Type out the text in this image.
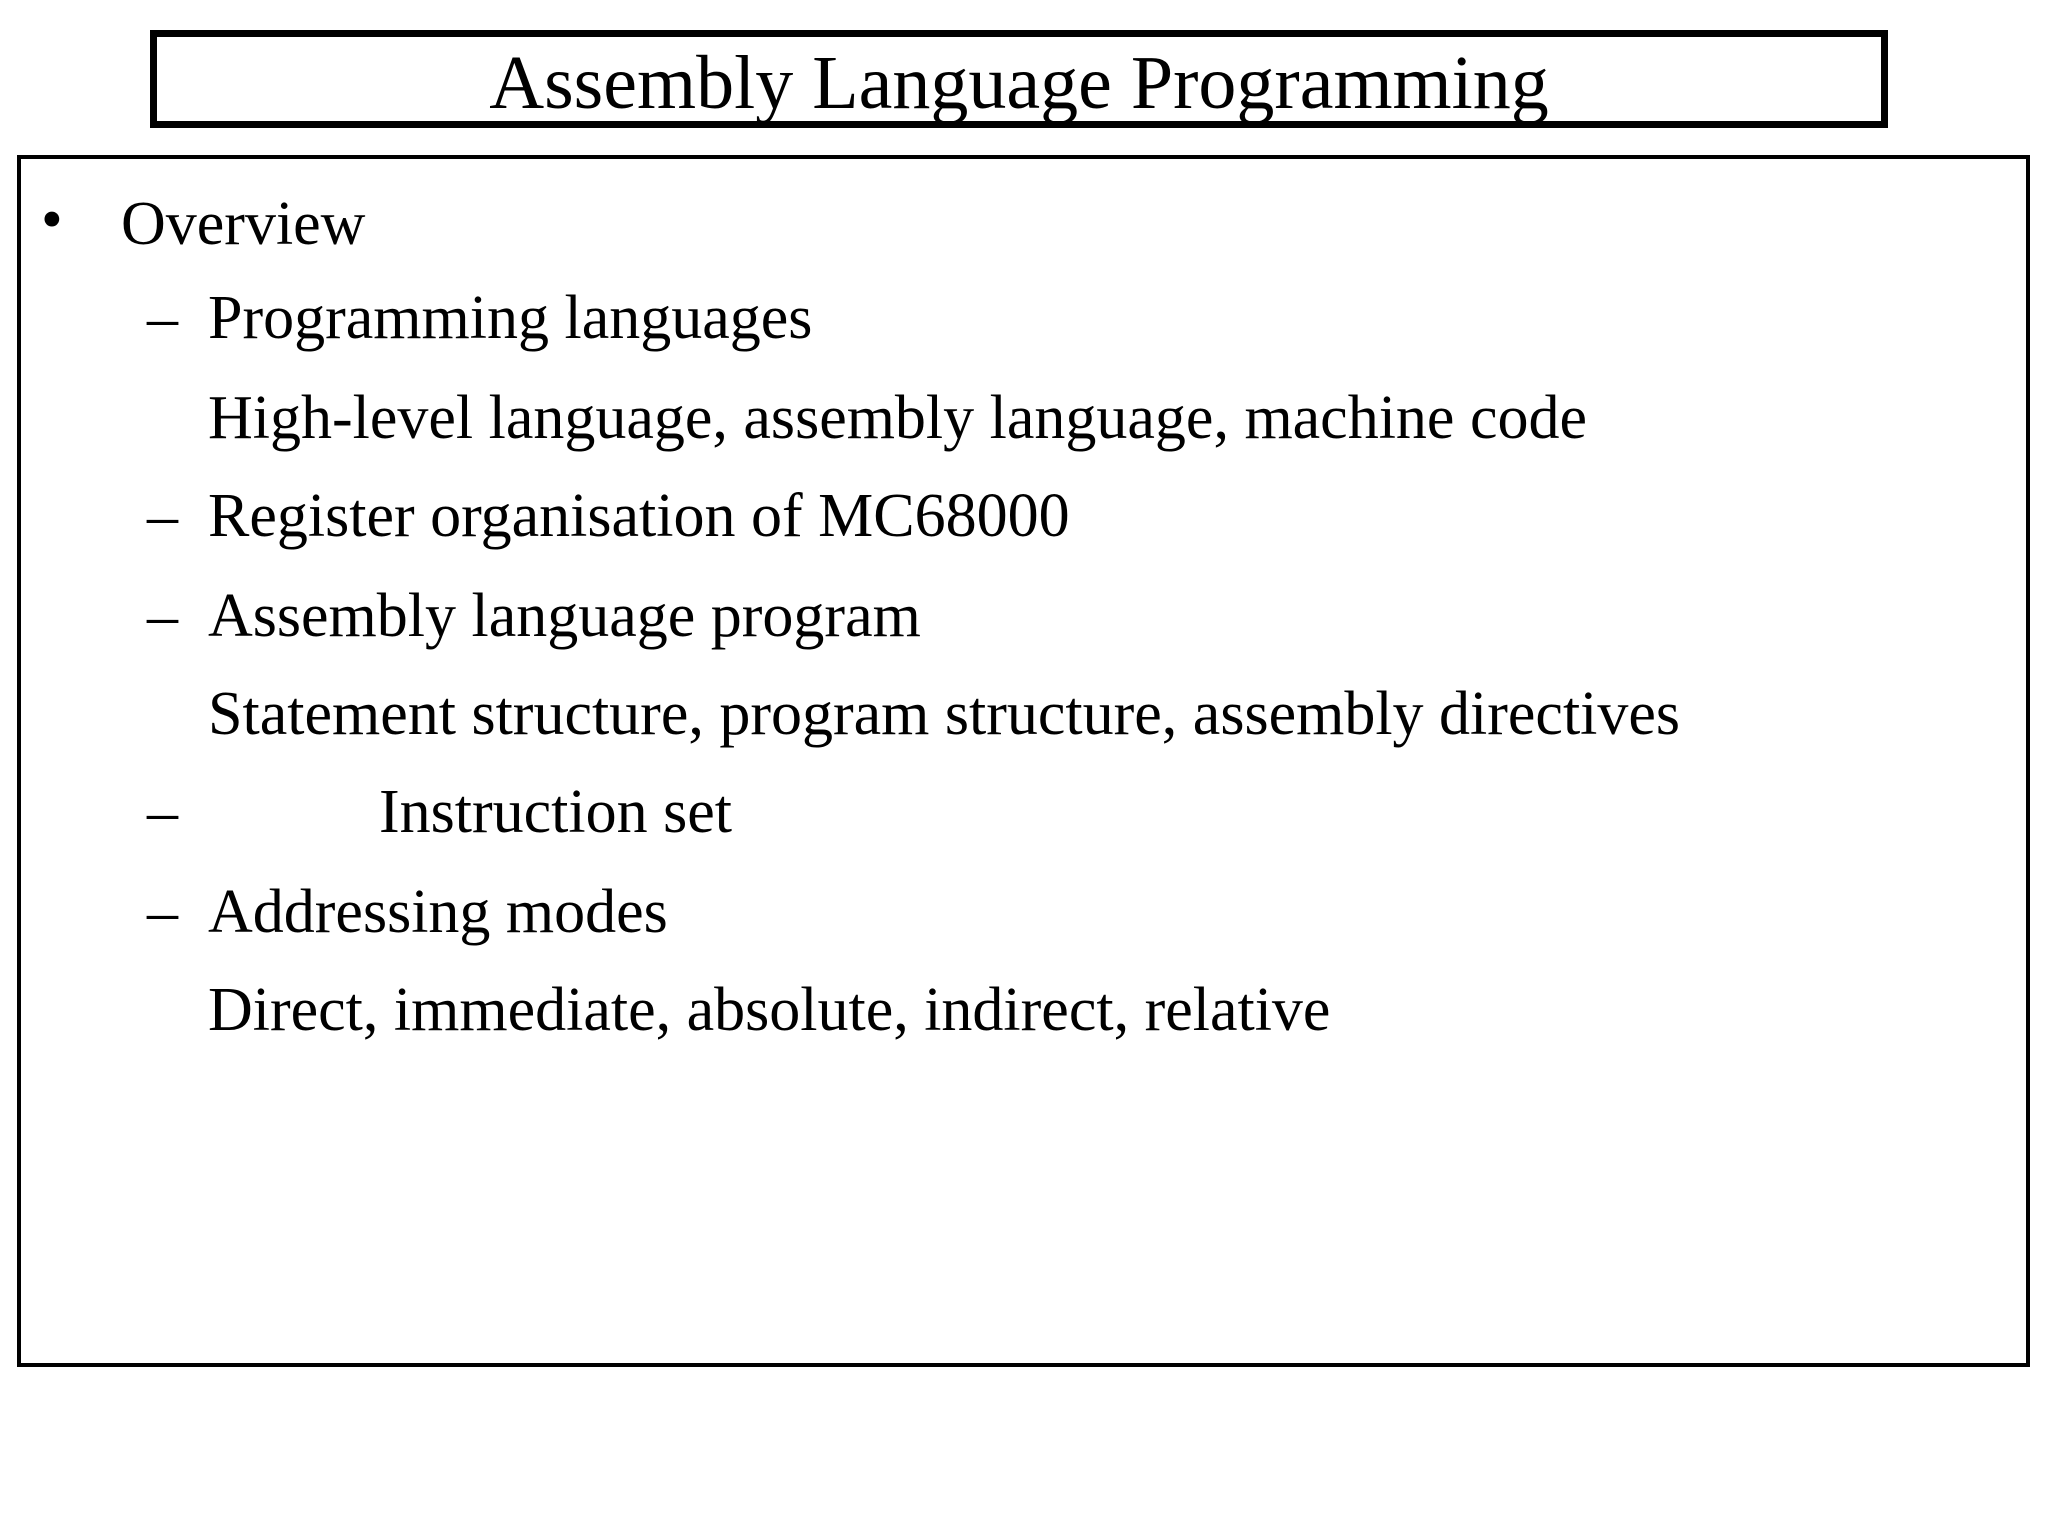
Assembly Language Programming
• Overview
– Programming languages
High-level language, assembly language, machine code
– Register organisation of MC68000
– Assembly language program
Statement structure, program structure, assembly directives
–	Instruction set
– Addressing modes
Direct, immediate, absolute, indirect, relative
